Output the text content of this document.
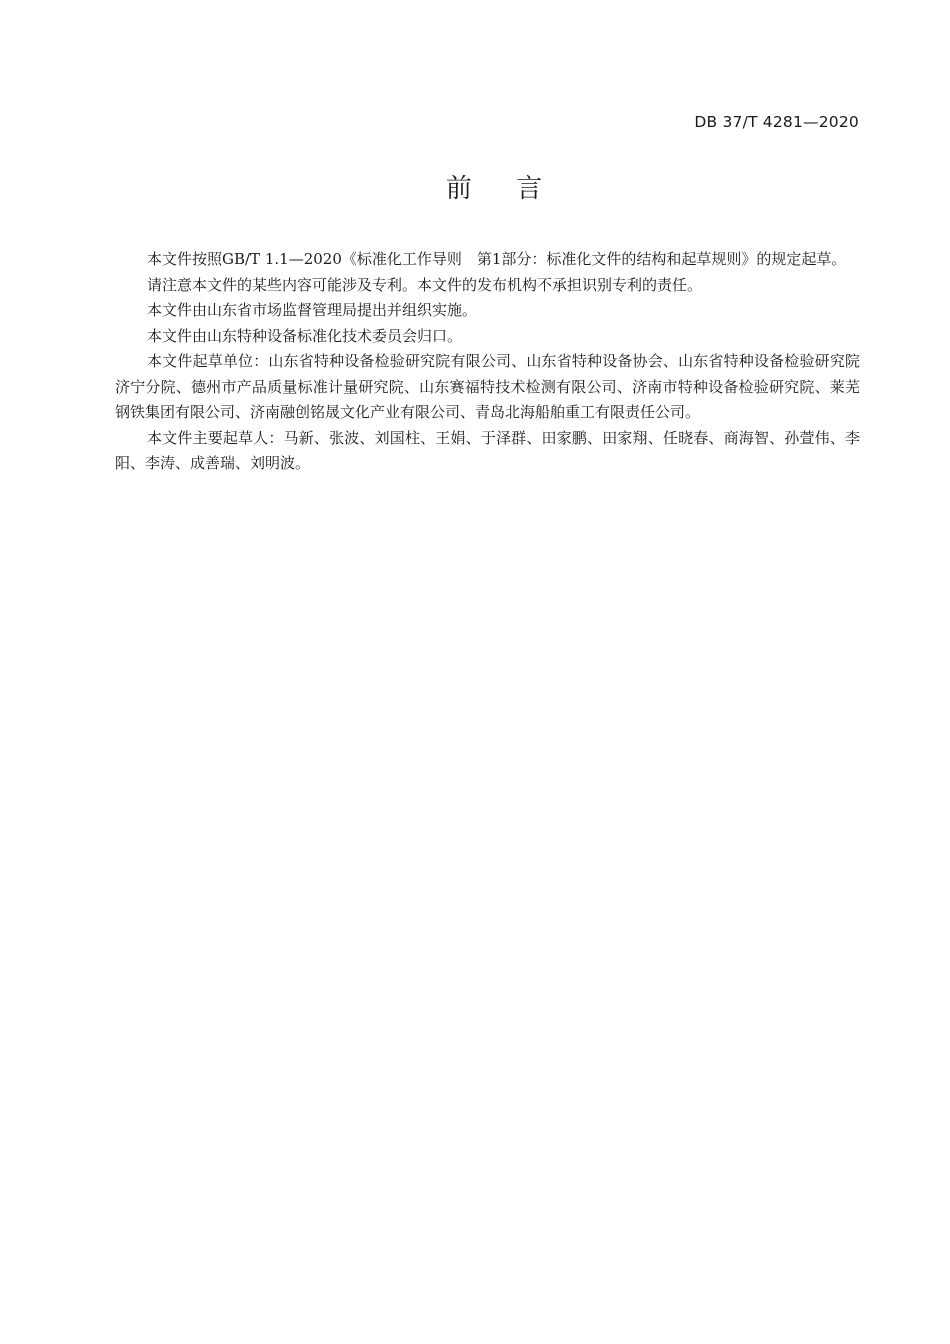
DB 37/T 4281—2020
前 言

本文件按照GB/T 1.1—2020《标准化工作导则　第1部分：标准化文件的结构和起草规则》的规定起草。

请注意本文件的某些内容可能涉及专利。本文件的发布机构不承担识别专利的责任。

本文件由山东省市场监督管理局提出并组织实施。

本文件由山东特种设备标准化技术委员会归口。

本文件起草单位：山东省特种设备检验研究院有限公司、山东省特种设备协会、山东省特种设备检验研究院济宁分院、德州市产品质量标准计量研究院、山东赛福特技术检测有限公司、济南市特种设备检验研究院、莱芜钢铁集团有限公司、济南融创铭晟文化产业有限公司、青岛北海船舶重工有限责任公司。

本文件主要起草人：马新、张波、刘国柱、王娟、于泽群、田家鹏、田家翔、任晓春、商海智、孙萱伟、李阳、李涛、成善瑞、刘明波。
